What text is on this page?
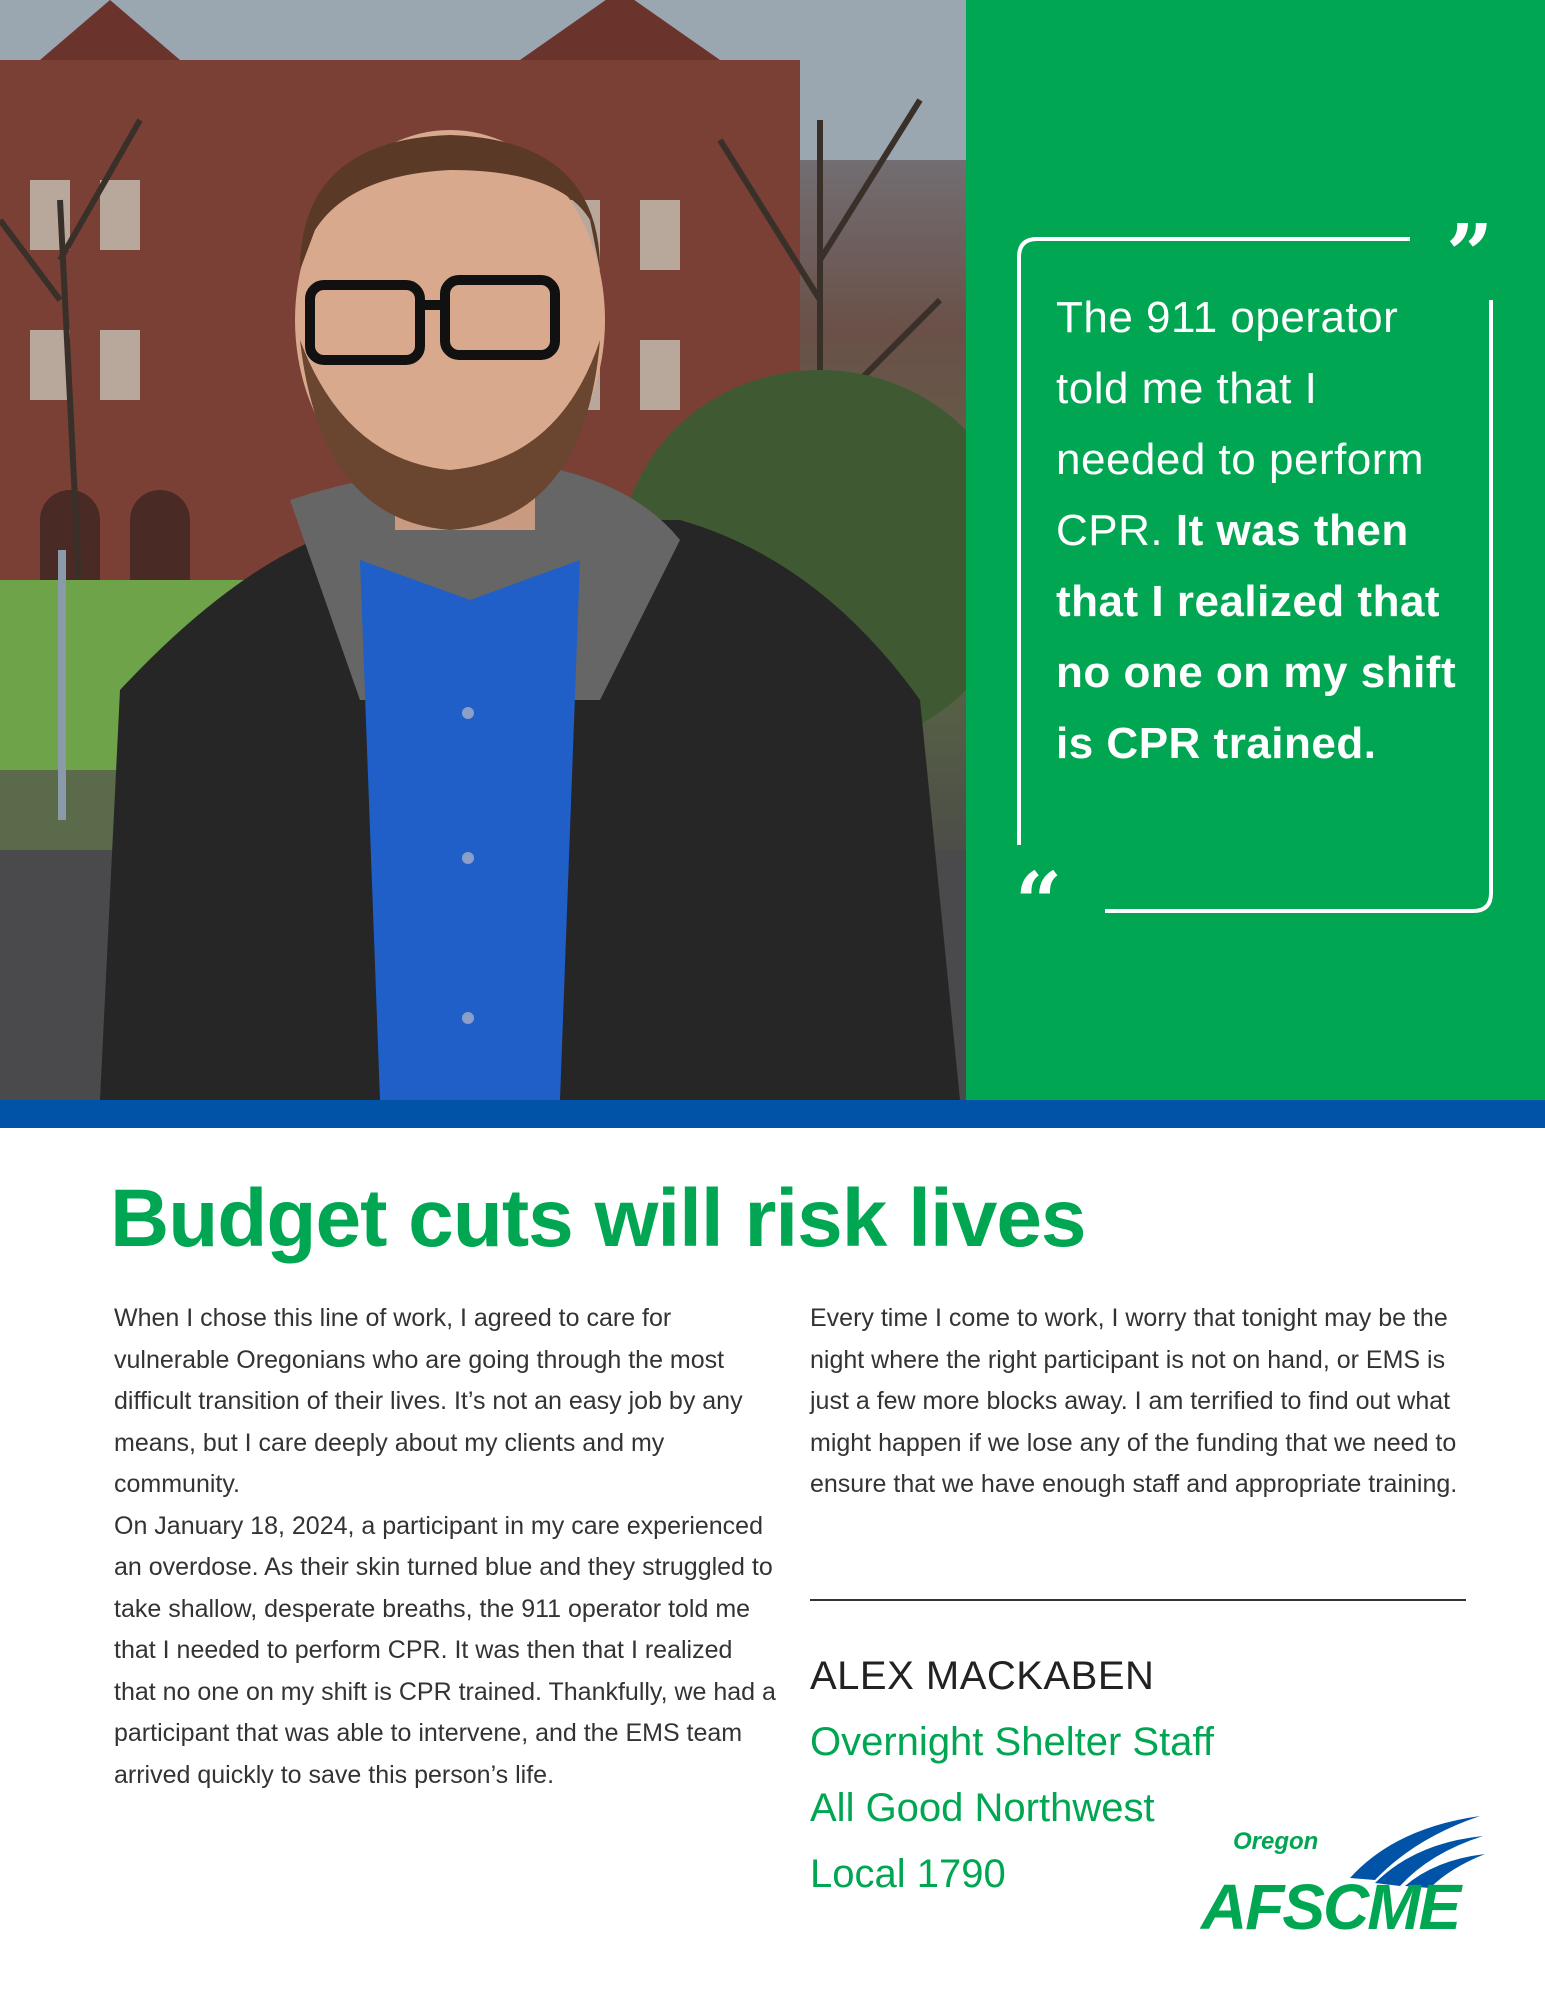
”
“
The 911 operator told me that I needed to perform CPR. It was then that I realized that no one on my shift is CPR trained.
Budget cuts will risk lives

When I chose this line of work, I agreed to care for vulnerable Oregonians who are going through the most difficult transition of their lives. It’s not an easy job by any means, but I care deeply about my clients and my community.

On January 18, 2024, a participant in my care experienced an overdose. As their skin turned blue and they struggled to take shallow, desperate breaths, the 911 operator told me that I needed to perform CPR. It was then that I realized that no one on my shift is CPR trained. Thankfully, we had a participant that was able to intervene, and the EMS team arrived quickly to save this person’s life.

Every time I come to work, I worry that tonight may be the night where the right participant is not on hand, or EMS is just a few more blocks away. I am terrified to find out what might happen if we lose any of the funding that we need to ensure that we have enough staff and appropriate training.

ALEX MACKABEN
Overnight Shelter Staff
All Good Northwest
Local 1790
Oregon
AFSCME
